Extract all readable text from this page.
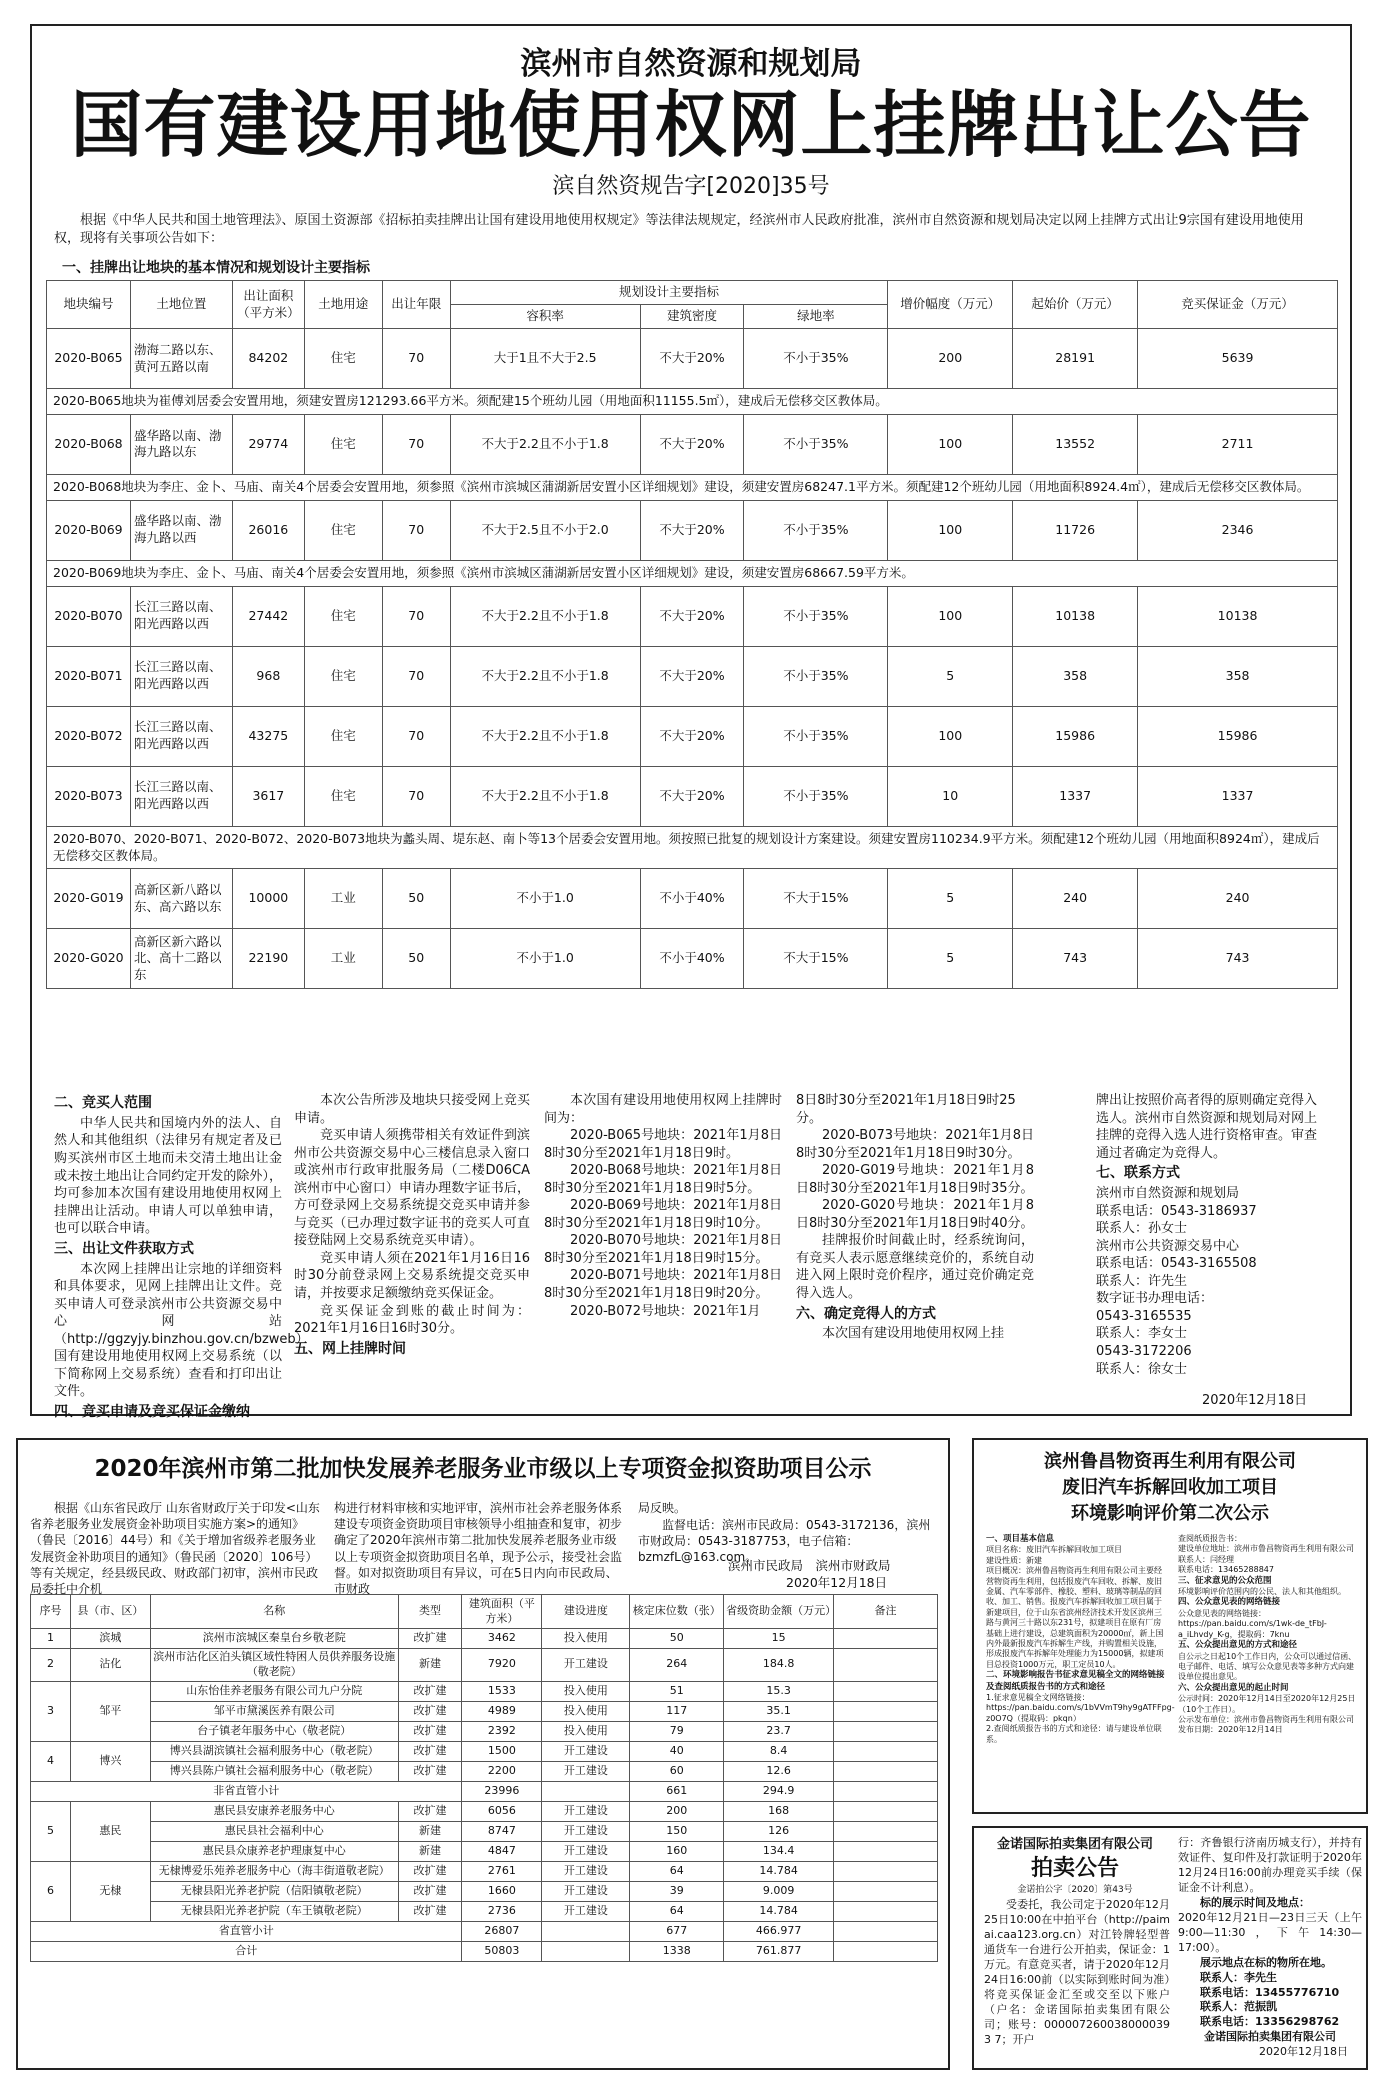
滨州市自然资源和规划局
国有建设用地使用权网上挂牌出让公告
滨自然资规告字[2020]35号
根据《中华人民共和国土地管理法》、原国土资源部《招标拍卖挂牌出让国有建设用地使用权规定》等法律法规规定，经滨州市人民政府批准，滨州市自然资源和规划局决定以网上挂牌方式出让9宗国有建设用地使用权，现将有关事项公告如下：
一、挂牌出让地块的基本情况和规划设计主要指标
地块编号	土地位置	出让面积（平方米）	土地用途	出让年限	规划设计主要指标			增价幅度（万元）	起始价（万元）	竞买保证金（万元）
					容积率	建筑密度	绿地率			
2020-B065	渤海二路以东、黄河五路以南	84202	住宅	70	大于1且不大于2.5	不大于20%	不小于35%	200	28191	5639
2020-B065地块为崔傅刘居委会安置用地，须建安置房121293.66平方米。须配建15个班幼儿园（用地面积11155.5㎡），建成后无偿移交区教体局。										
2020-B068	盛华路以南、渤海九路以东	29774	住宅	70	不大于2.2且不小于1.8	不大于20%	不小于35%	100	13552	2711
2020-B068地块为李庄、金卜、马庙、南关4个居委会安置用地，须参照《滨州市滨城区蒲湖新居安置小区详细规划》建设，须建安置房68247.1平方米。须配建12个班幼儿园（用地面积8924.4㎡），建成后无偿移交区教体局。										
2020-B069	盛华路以南、渤海九路以西	26016	住宅	70	不大于2.5且不小于2.0	不大于20%	不小于35%	100	11726	2346
2020-B069地块为李庄、金卜、马庙、南关4个居委会安置用地，须参照《滨州市滨城区蒲湖新居安置小区详细规划》建设，须建安置房68667.59平方米。										
2020-B070	长江三路以南、阳光西路以西	27442	住宅	70	不大于2.2且不小于1.8	不大于20%	不小于35%	100	10138	10138
2020-B071	长江三路以南、阳光西路以西	968	住宅	70	不大于2.2且不小于1.8	不大于20%	不小于35%	5	358	358
2020-B072	长江三路以南、阳光西路以西	43275	住宅	70	不大于2.2且不小于1.8	不大于20%	不小于35%	100	15986	15986
2020-B073	长江三路以南、阳光西路以西	3617	住宅	70	不大于2.2且不小于1.8	不大于20%	不小于35%	10	1337	1337
2020-B070、2020-B071、2020-B072、2020-B073地块为蠡头周、堤东赵、南卜等13个居委会安置用地。须按照已批复的规划设计方案建设。须建安置房110234.9平方米。须配建12个班幼儿园（用地面积8924㎡），建成后无偿移交区教体局。										
2020-G019	高新区新八路以东、高六路以东	10000	工业	50	不小于1.0	不小于40%	不大于15%	5	240	240
2020-G020	高新区新六路以北、高十二路以东	22190	工业	50	不小于1.0	不小于40%	不大于15%	5	743	743
二、竞买人范围

中华人民共和国境内外的法人、自然人和其他组织（法律另有规定者及已购买滨州市区土地而未交清土地出让金或未按土地出让合同约定开发的除外），均可参加本次国有建设用地使用权网上挂牌出让活动。申请人可以单独申请，也可以联合申请。

三、出让文件获取方式

本次网上挂牌出让宗地的详细资料和具体要求，见网上挂牌出让文件。竞买申请人可登录滨州市公共资源交易中心网站（http://ggzyjy.binzhou.gov.cn/bzweb）国有建设用地使用权网上交易系统（以下简称网上交易系统）查看和打印出让文件。

四、竞买申请及竞买保证金缴纳

本次公告所涉及地块只接受网上竞买申请。

竞买申请人须携带相关有效证件到滨州市公共资源交易中心三楼信息录入窗口或滨州市行政审批服务局（二楼D06CA滨州市中心窗口）申请办理数字证书后，方可登录网上交易系统提交竞买申请并参与竞买（已办理过数字证书的竞买人可直接登陆网上交易系统竞买申请）。

竞买申请人须在2021年1月16日16时30分前登录网上交易系统提交竞买申请，并按要求足额缴纳竞买保证金。

竞买保证金到账的截止时间为：2021年1月16日16时30分。

五、网上挂牌时间

本次国有建设用地使用权网上挂牌时间为：

2020-B065号地块：2021年1月8日8时30分至2021年1月18日9时。

2020-B068号地块：2021年1月8日8时30分至2021年1月18日9时5分。

2020-B069号地块：2021年1月8日8时30分至2021年1月18日9时10分。

2020-B070号地块：2021年1月8日8时30分至2021年1月18日9时15分。

2020-B071号地块：2021年1月8日8时30分至2021年1月18日9时20分。

2020-B072号地块：2021年1月

8日8时30分至2021年1月18日9时25分。

2020-B073号地块：2021年1月8日8时30分至2021年1月18日9时30分。

2020-G019号地块：2021年1月8日8时30分至2021年1月18日9时35分。

2020-G020号地块：2021年1月8日8时30分至2021年1月18日9时40分。

挂牌报价时间截止时，经系统询问，有竞买人表示愿意继续竞价的，系统自动进入网上限时竞价程序，通过竞价确定竞得入选人。

六、确定竞得人的方式

本次国有建设用地使用权网上挂

牌出让按照价高者得的原则确定竞得入选人。滨州市自然资源和规划局对网上挂牌的竞得入选人进行资格审查。审查通过者确定为竞得人。
七、联系方式
滨州市自然资源和规划局
联系电话：0543-3186937
联系人：孙女士
滨州市公共资源交易中心
联系电话：0543-3165508
联系人：许先生
数字证书办理电话：
0543-3165535
联系人：李女士
0543-3172206
联系人：徐女士
2020年12月18日
2020年滨州市第二批加快发展养老服务业市级以上专项资金拟资助项目公示
根据《山东省民政厅 山东省财政厅关于印发<山东省养老服务业发展资金补助项目实施方案>的通知》（鲁民〔2016〕44号）和《关于增加省级养老服务业发展资金补助项目的通知》（鲁民函〔2020〕106号）等有关规定，经县级民政、财政部门初审，滨州市民政局委托中介机
构进行材料审核和实地评审，滨州市社会养老服务体系建设专项资金资助项目审核领导小组抽查和复审，初步确定了2020年滨州市第二批加快发展养老服务业市级以上专项资金拟资助项目名单，现予公示，接受社会监督。如对拟资助项目有异议，可在5日内向市民政局、市财政
局反映。
监督电话：滨州市民政局：0543-3172136，滨州市财政局：0543-3187753，电子信箱：bzmzfL@163.com。
滨州市民政局　滨州市财政局
2020年12月18日
序号	县（市、区）	名称	类型	建筑面积（平方米）	建设进度	核定床位数（张）	省级资助金额（万元）	备注
1	滨城	滨州市滨城区秦皇台乡敬老院	改扩建	3462	投入使用	50	15	
2	沾化	滨州市沾化区泊头镇区域性特困人员供养服务设施（敬老院）	新建	7920	开工建设	264	184.8	
3	邹平	山东怡佳养老服务有限公司九户分院	改扩建	1533	投入使用	51	15.3	
		邹平市黛溪医养有限公司	改扩建	4989	投入使用	117	35.1	
		台子镇老年服务中心（敬老院）	改扩建	2392	投入使用	79	23.7	
4	博兴	博兴县湖滨镇社会福利服务中心（敬老院）	改扩建	1500	开工建设	40	8.4	
		博兴县陈户镇社会福利服务中心（敬老院）	改扩建	2200	开工建设	60	12.6	
非省直管小计				23996		661	294.9	
5	惠民	惠民县安康养老服务中心	改扩建	6056	开工建设	200	168	
		惠民县社会福利中心	新建	8747	开工建设	150	126	
		惠民县众康养老护理康复中心	新建	4847	开工建设	160	134.4	
6	无棣	无棣博爱乐苑养老服务中心（海丰街道敬老院）	改扩建	2761	开工建设	64	14.784	
		无棣县阳光养老护院（信阳镇敬老院）	改扩建	1660	开工建设	39	9.009	
		无棣县阳光养老护院（车王镇敬老院）	改扩建	2736	开工建设	64	14.784	
省直管小计				26807		677	466.977	
合计				50803		1338	761.877	
滨州鲁昌物资再生利用有限公司
废旧汽车拆解回收加工项目
环境影响评价第二次公示
一、项目基本信息

项目名称：废旧汽车拆解回收加工项目

建设性质：新建

项目概况：滨州鲁昌物资再生利用有限公司主要经营物资再生利用，包括报废汽车回收、拆解、废旧金属、汽车零部件、橡胶、塑料、玻璃等制品的回收、加工、销售。报废汽车拆解回收加工项目属于新建项目，位于山东省滨州经济技术开发区滨州三路与黄河三十路以东231号，拟建项目在原有厂房基础上进行建设，总建筑面积为20000㎡，新上国内外最新报废汽车拆解生产线，并购置相关设施，形成报废汽车拆解年处理能力为15000辆，拟建项目总投资1000万元，职工定员10人。

二、环境影响报告书征求意见稿全文的网络链接及查阅纸质报告书的方式和途径

1.征求意见稿全文网络链接：https://pan.baidu.com/s/1bVVmT9hy9gATFFpg-z0O7Q（提取码：pkqn）

2.查阅纸质报告书的方式和途径：请与建设单位联系。

查阅纸质报告书：

建设单位地址：滨州市鲁昌物资再生利用有限公司

联系人：闫经理

联系电话：13465288847

三、征求意见的公众范围

环境影响评价范围内的公民、法人和其他组织。

四、公众意见表的网络链接

公众意见表的网络链接：https://pan.baidu.com/s/1wk-de_tFbJ-a_iLhvdy_K-g，提取码：7knu

五、公众提出意见的方式和途径

自公示之日起10个工作日内，公众可以通过信函、电子邮件、电话、填写公众意见表等多种方式向建设单位提出意见。

六、公众提出意见的起止时间

公示时间：2020年12月14日至2020年12月25日（10个工作日）。

公示发布单位：滨州市鲁昌物资再生利用有限公司

发布日期：2020年12月14日

金诺国际拍卖集团有限公司
拍卖公告
金诺拍公字〔2020〕第43号
受委托，我公司定于2020年12月25日10:00在中拍平台（http://paimai.caa123.org.cn）对江铃牌轻型普通货车一台进行公开拍卖，保证金：1万元。有意竞买者，请于2020年12月24日16:00前（以实际到账时间为准）将竞买保证金汇至或交至以下账户（户名：金诺国际拍卖集团有限公司；账号：0000072600380000393 7；开户
行：齐鲁银行济南历城支行），并持有效证件、复印件及打款证明于2020年12月24日16:00前办理竞买手续（保证金不计利息）。
标的展示时间及地点：
2020年12月21日—23日三天（上午9:00—11:30，下午14:30—17:00）。
展示地点在标的物所在地。
联系人：李先生
联系电话：13455776710
联系人：范振凯
联系电话：13356298762
金诺国际拍卖集团有限公司
2020年12月18日
